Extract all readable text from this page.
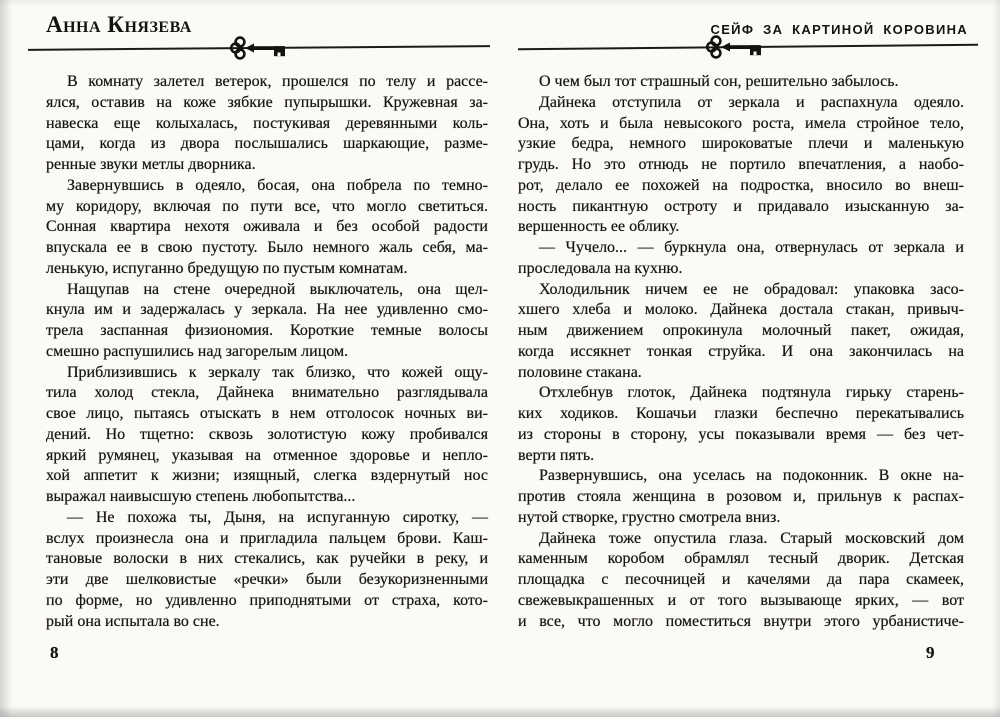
Анна Князева
В комнату залетел ветерок, прошелся по телу и рассе-
ялся, оставив на коже зябкие пупырышки. Кружевная за-
навеска еще колыхалась, постукивая деревянными коль-
цами, когда из двора послышались шаркающие, разме-
ренные звуки метлы дворника.
Завернувшись в одеяло, босая, она побрела по темно-
му коридору, включая по пути все, что могло светиться.
Сонная квартира нехотя оживала и без особой радости
впускала ее в свою пустоту. Было немного жаль себя, ма-
ленькую, испуганно бредущую по пустым комнатам.
Нащупав на стене очередной выключатель, она щел-
кнула им и задержалась у зеркала. На нее удивленно смо-
трела заспанная физиономия. Короткие темные волосы
смешно распушились над загорелым лицом.
Приблизившись к зеркалу так близко, что кожей ощу-
тила холод стекла, Дайнека внимательно разглядывала
свое лицо, пытаясь отыскать в нем отголосок ночных ви-
дений. Но тщетно: сквозь золотистую кожу пробивался
яркий румянец, указывая на отменное здоровье и непло-
хой аппетит к жизни; изящный, слегка вздернутый нос
выражал наивысшую степень любопытства...
— Не похожа ты, Дыня, на испуганную сиротку, —
вслух произнесла она и пригладила пальцем брови. Каш-
тановые волоски в них стекались, как ручейки в реку, и
эти две шелковистые «речки» были безукоризненными
по форме, но удивленно приподнятыми от страха, кото-
рый она испытала во сне.
8
СЕЙФ ЗА КАРТИНОЙ КОРОВИНА
О чем был тот страшный сон, решительно забылось.
Дайнека отступила от зеркала и распахнула одеяло.
Она, хоть и была невысокого роста, имела стройное тело,
узкие бедра, немного широковатые плечи и маленькую
грудь. Но это отнюдь не портило впечатления, а наобо-
рот, делало ее похожей на подростка, вносило во внеш-
ность пикантную остроту и придавало изысканную за-
вершенность ее облику.
— Чучело... — буркнула она, отвернулась от зеркала и
проследовала на кухню.
Холодильник ничем ее не обрадовал: упаковка засо-
хшего хлеба и молоко. Дайнека достала стакан, привыч-
ным движением опрокинула молочный пакет, ожидая,
когда иссякнет тонкая струйка. И она закончилась на
половине стакана.
Отхлебнув глоток, Дайнека подтянула гирьку старень-
ких ходиков. Кошачьи глазки беспечно перекатывались
из стороны в сторону, усы показывали время — без чет-
верти пять.
Развернувшись, она уселась на подоконник. В окне на-
против стояла женщина в розовом и, прильнув к распах-
нутой створке, грустно смотрела вниз.
Дайнека тоже опустила глаза. Старый московский дом
каменным коробом обрамлял тесный дворик. Детская
площадка с песочницей и качелями да пара скамеек,
свежевыкрашенных и от того вызывающе ярких, — вот
и все, что могло поместиться внутри этого урбанистиче-
9
